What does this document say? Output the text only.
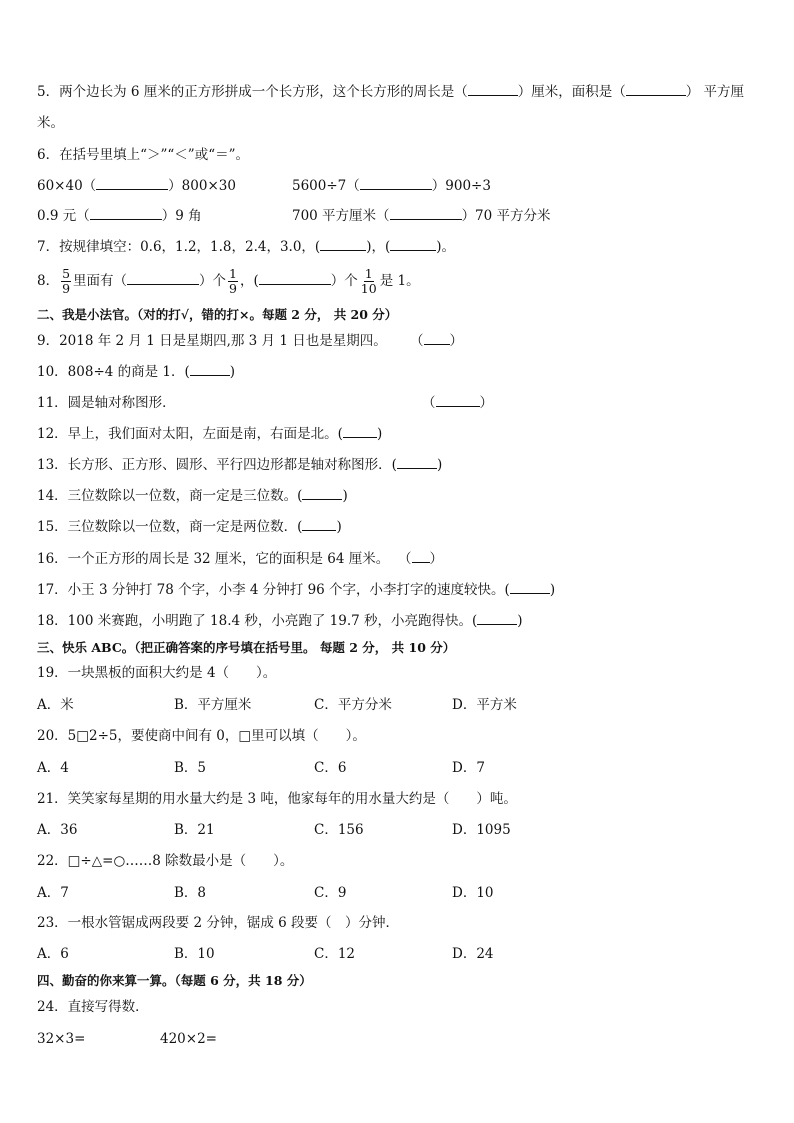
5．两个边长为 6 厘米的正方形拼成一个长方形，这个长方形的周长是（	）厘米，面积是（	） 平方厘
米。
6．在括号里填上“＞”“＜”或“＝”。
60×40（	）800×30	5600÷7（	）900÷3
0.9 元（	）9 角	700 平方厘米（	）70 平方分米
7．按规律填空：0.6，1.2，1.8，2.4，3.0，(	)，(	)。
8． $\frac{5}{9}$ 里面有（	）个 $\frac{1}{9}$ ，(	）个 $\frac{1}{10}$ 是 1。
二、我是小法官。（对的打√，错的打×。每题 2 分， 共 20 分）
9．2018 年 2 月 1 日是星期四,那 3 月 1 日也是星期四。 （ ）
10．808÷4 的商是 1．(	)
11．圆是轴对称图形．	（	）
12．早上，我们面对太阳，左面是南，右面是北。(	)
13．长方形、正方形、圆形、平行四边形都是轴对称图形．(	)
14．三位数除以一位数，商一定是三位数。(	)
15．三位数除以一位数，商一定是两位数．(	)
16．一个正方形的周长是 32 厘米，它的面积是 64 厘米。 （ ）
17．小王 3 分钟打 78 个字，小李 4 分钟打 96 个字，小李打字的速度较快。(	)
18．100 米赛跑，小明跑了 18.4 秒，小亮跑了 19.7 秒，小亮跑得快。(	)
三、快乐 ABC。（把正确答案的序号填在括号里。 每题 2 分， 共 10 分）
19．一块黑板的面积大约是 4（　　）。
A．米	B．平方厘米	C．平方分米	D．平方米
20．5□2÷5，要使商中间有 0，□里可以填（　　）。
A．4	B．5	C．6	D．7
21．笑笑家每星期的用水量大约是 3 吨，他家每年的用水量大约是（　　）吨。
A．36	B．21	C．156	D．1095
22．□÷△=○……8 除数最小是（　　）。
A．7	B．8	C．9	D．10
23．一根水管锯成两段要 2 分钟，锯成 6 段要（　）分钟．
A．6	B．10	C．12	D．24
四、勤奋的你来算一算。（每题 6 分，共 18 分）
24．直接写得数．
32×3=	420×2=
